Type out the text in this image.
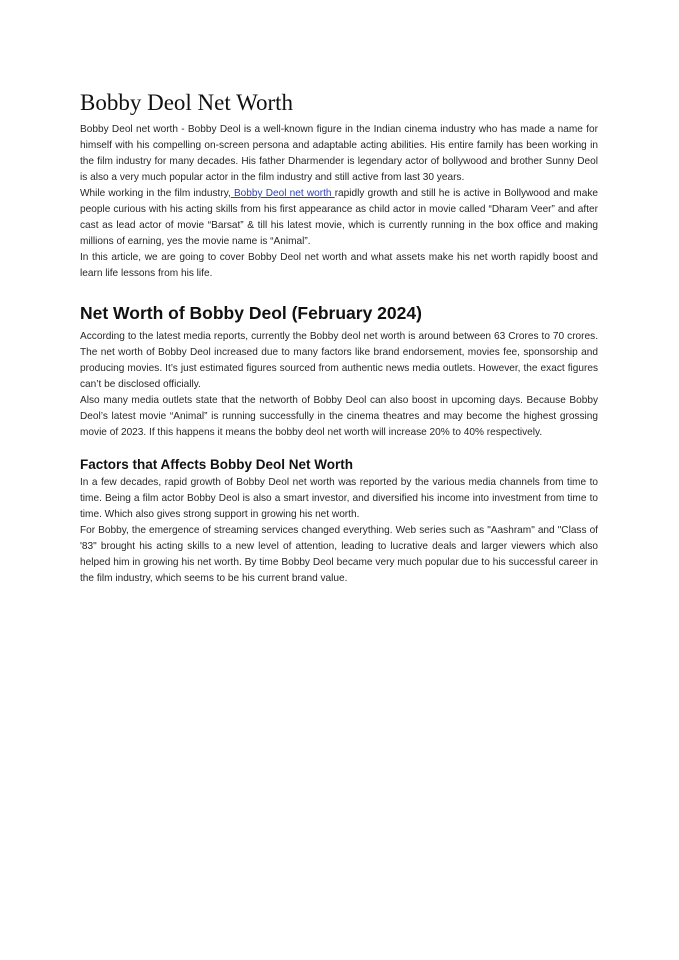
Bobby Deol Net Worth

Bobby Deol net worth - Bobby Deol is a well-known figure in the Indian cinema industry who has made a name for himself with his compelling on-screen persona and adaptable acting abilities. His entire family has been working in the film industry for many decades. His father Dharmender is legendary actor of bollywood and brother Sunny Deol is also a very much popular actor in the film industry and still active from last 30 years.

While working in the film industry, Bobby Deol net worth rapidly growth and still he is active in Bollywood and make people curious with his acting skills from his first appearance as child actor in movie called “Dharam Veer” and after cast as lead actor of movie “Barsat” & till his latest movie, which is currently running in the box office and making millions of earning, yes the movie name is “Animal”.

In this article, we are going to cover Bobby Deol net worth and what assets make his net worth rapidly boost and learn life lessons from his life.

Net Worth of Bobby Deol (February 2024)

According to the latest media reports, currently the Bobby deol net worth is around between 63 Crores to 70 crores. The net worth of Bobby Deol increased due to many factors like brand endorsement, movies fee, sponsorship and producing movies. It’s just estimated figures sourced from authentic news media outlets. However, the exact figures can’t be disclosed officially.

Also many media outlets state that the networth of Bobby Deol can also boost in upcoming days. Because Bobby Deol’s latest movie “Animal” is running successfully in the cinema theatres and may become the highest grossing movie of 2023. If this happens it means the bobby deol net worth will increase 20% to 40% respectively.

Factors that Affects Bobby Deol Net Worth

In a few decades, rapid growth of Bobby Deol net worth was reported by the various media channels from time to time. Being a film actor Bobby Deol is also a smart investor, and diversified his income into investment from time to time. Which also gives strong support in growing his net worth.

For Bobby, the emergence of streaming services changed everything. Web series such as "Aashram" and "Class of '83" brought his acting skills to a new level of attention, leading to lucrative deals and larger viewers which also helped him in growing his net worth. By time Bobby Deol became very much popular due to his successful career in the film industry, which seems to be his current brand value.
